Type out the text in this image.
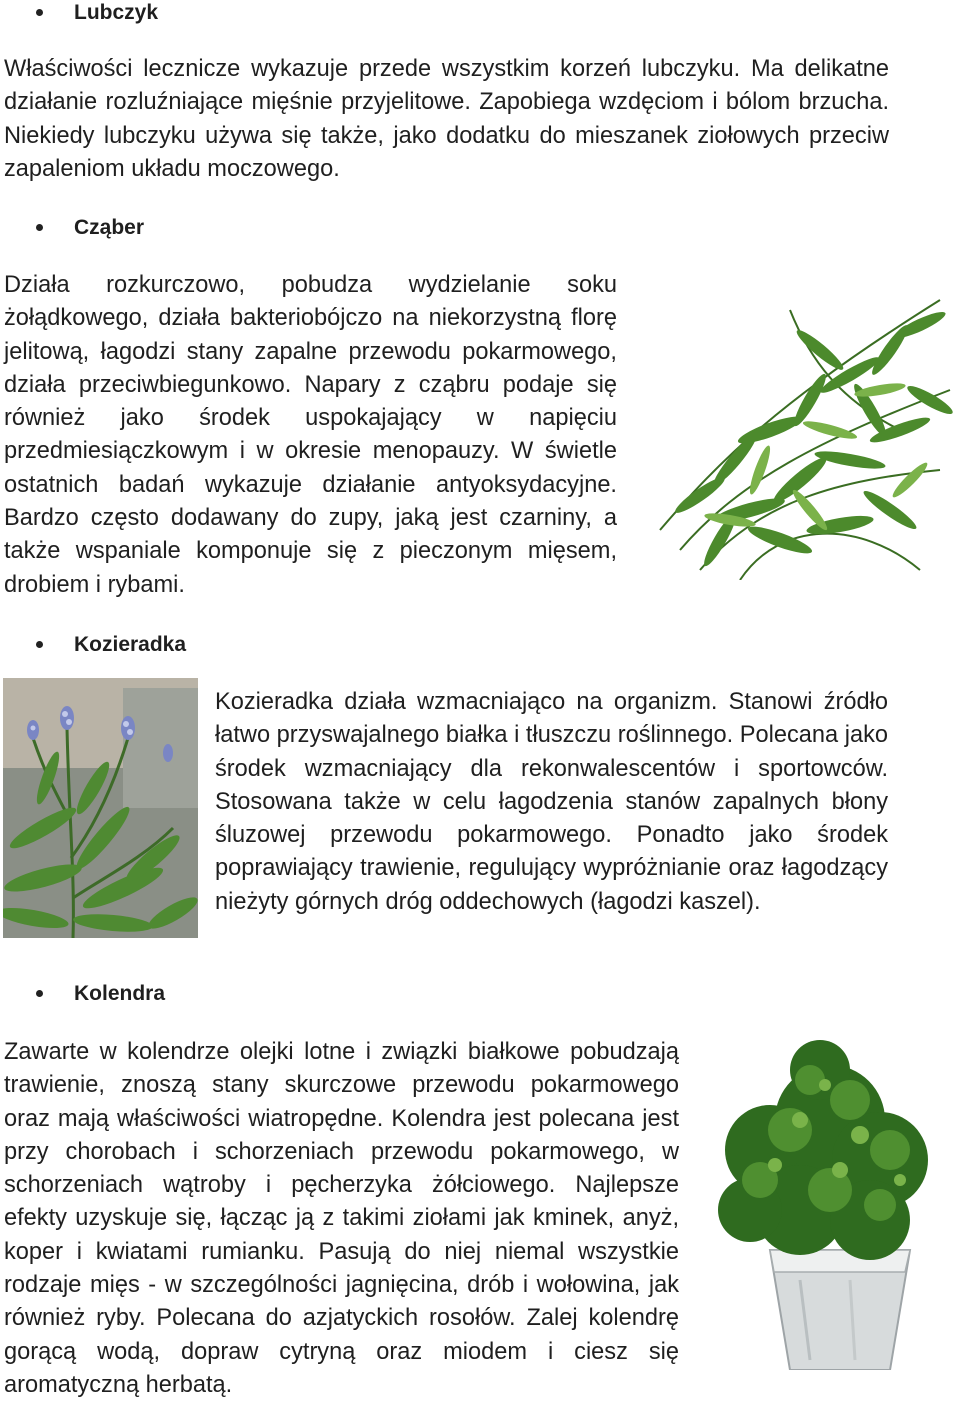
Lubczyk
Właściwości lecznicze wykazuje przede wszystkim korzeń lubczyku. Ma delikatne działanie rozluźniające mięśnie przyjelitowe. Zapobiega wzdęciom i bólom brzucha. Niekiedy lubczyku używa się także, jako dodatku do mieszanek ziołowych przeciw zapaleniom układu moczowego.
Cząber
Działa rozkurczowo, pobudza wydzielanie soku żołądkowego, działa bakteriobójczo na niekorzystną florę jelitową, łagodzi stany zapalne przewodu pokarmowego, działa przeciwbiegunkowo. Napary z cząbru podaje się również jako środek uspokajający w napięciu przedmiesiączkowym i w okresie menopauzy. W świetle ostatnich badań wykazuje działanie antyoksydacyjne. Bardzo często dodawany do zupy, jaką jest czarniny, a także wspaniale komponuje się z pieczonym mięsem, drobiem i rybami.
Kozieradka
Kozieradka działa wzmacniająco na organizm. Stanowi źródło łatwo przyswajalnego białka i tłuszczu roślinnego. Polecana jako środek wzmacniający dla rekonwalescentów i sportowców. Stosowana także w celu łagodzenia stanów zapalnych błony śluzowej przewodu pokarmowego. Ponadto jako środek poprawiający trawienie, regulujący wypróżnianie oraz łagodzący nieżyty górnych dróg oddechowych (łagodzi kaszel).
Kolendra
Zawarte w kolendrze olejki lotne i związki białkowe pobudzają trawienie, znoszą stany skurczowe przewodu pokarmowego oraz mają właściwości wiatropędne. Kolendra jest polecana jest przy chorobach i schorzeniach przewodu pokarmowego, w schorzeniach wątroby i pęcherzyka żółciowego. Najlepsze efekty uzyskuje się, łącząc ją z takimi ziołami jak kminek, anyż, koper i kwiatami rumianku. Pasują do niej niemal wszystkie rodzaje mięs - w szczególności jagnięcina, drób i wołowina, jak również ryby. Polecana do azjatyckich rosołów. Zalej kolendrę gorącą wodą, dopraw cytryną oraz miodem i ciesz się aromatyczną herbatą.
